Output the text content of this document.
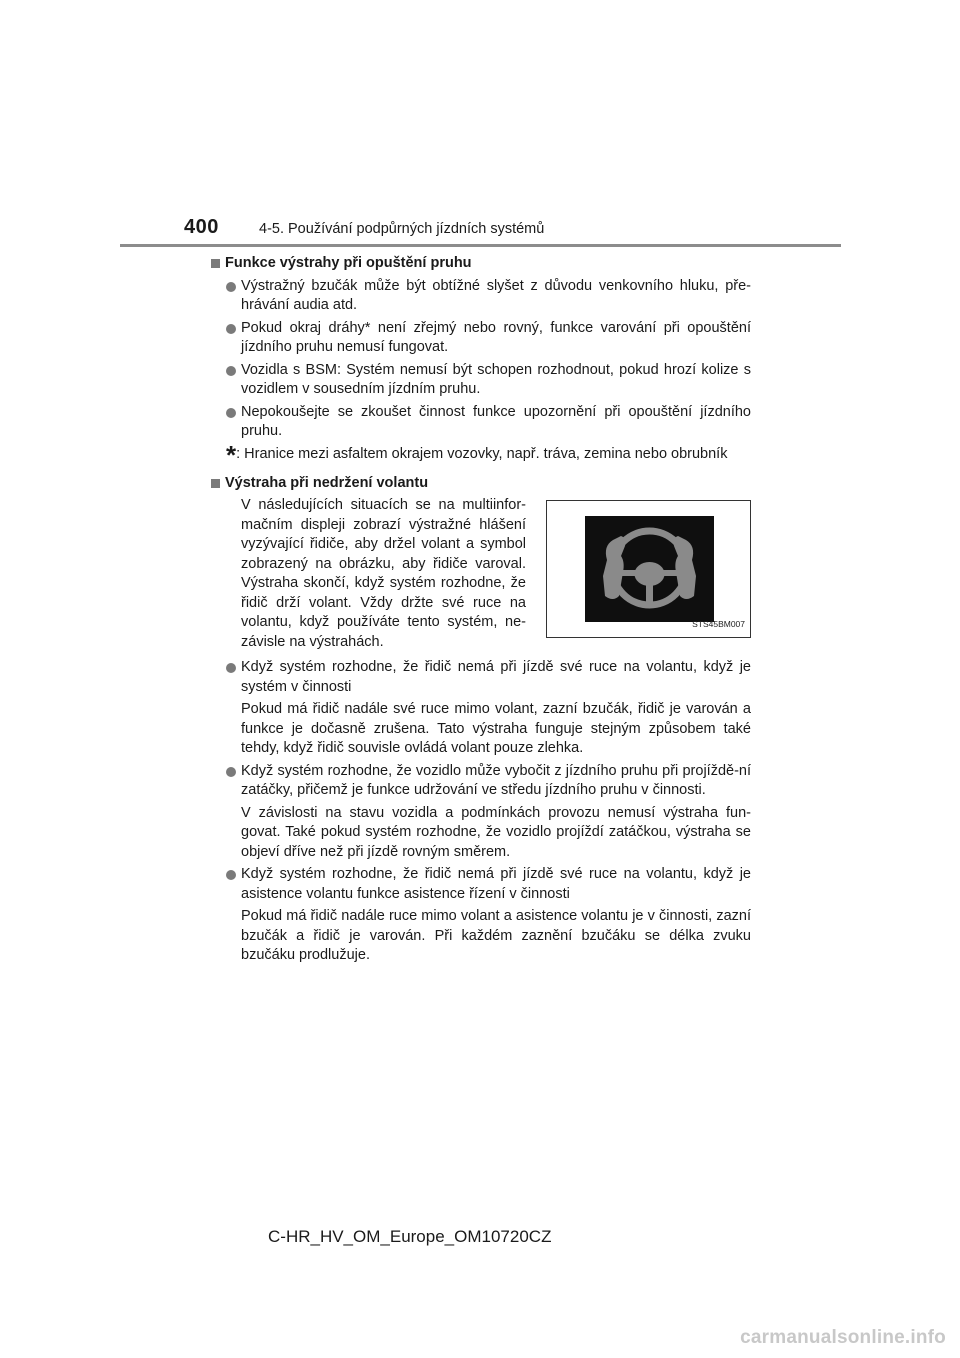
400	4-5. Používání podpůrných jízdních systémů
Funkce výstrahy při opuštění pruhu
Výstražný bzučák může být obtížné slyšet z důvodu venkovního hluku, pře-hrávání audia atd.
Pokud okraj dráhy* není zřejmý nebo rovný, funkce varování při opouštění jízdního pruhu nemusí fungovat.
Vozidla s BSM: Systém nemusí být schopen rozhodnout, pokud hrozí kolize s vozidlem v sousedním jízdním pruhu.
Nepokoušejte se zkoušet činnost funkce upozornění při opouštění jízdního pruhu.
* : Hranice mezi asfaltem okrajem vozovky, např. tráva, zemina nebo obrubník
Výstraha při nedržení volantu
V následujících situacích se na multiinfor-mačním displeji zobrazí výstražné hlášení vyzývající řidiče, aby držel volant a symbol zobrazený na obrázku, aby řidiče varoval. Výstraha skončí, když systém rozhodne, že řidič drží volant. Vždy držte své ruce na volantu, když používáte tento systém, ne-závisle na výstrahách.
STS45BM007
Když systém rozhodne, že řidič nemá při jízdě své ruce na volantu, když je systém v činnosti
Pokud má řidič nadále své ruce mimo volant, zazní bzučák, řidič je varován a funkce je dočasně zrušena. Tato výstraha funguje stejným způsobem také tehdy, když řidič souvisle ovládá volant pouze zlehka.
Když systém rozhodne, že vozidlo může vybočit z jízdního pruhu při projíždě-ní zatáčky, přičemž je funkce udržování ve středu jízdního pruhu v činnosti.
V závislosti na stavu vozidla a podmínkách provozu nemusí výstraha fun-govat. Také pokud systém rozhodne, že vozidlo projíždí zatáčkou, výstraha se objeví dříve než při jízdě rovným směrem.
Když systém rozhodne, že řidič nemá při jízdě své ruce na volantu, když je asistence volantu funkce asistence řízení v činnosti
Pokud má řidič nadále ruce mimo volant a asistence volantu je v činnosti, zazní bzučák a řidič je varován. Při každém zaznění bzučáku se délka zvuku bzučáku prodlužuje.
C-HR_HV_OM_Europe_OM10720CZ
carmanualsonline.info
